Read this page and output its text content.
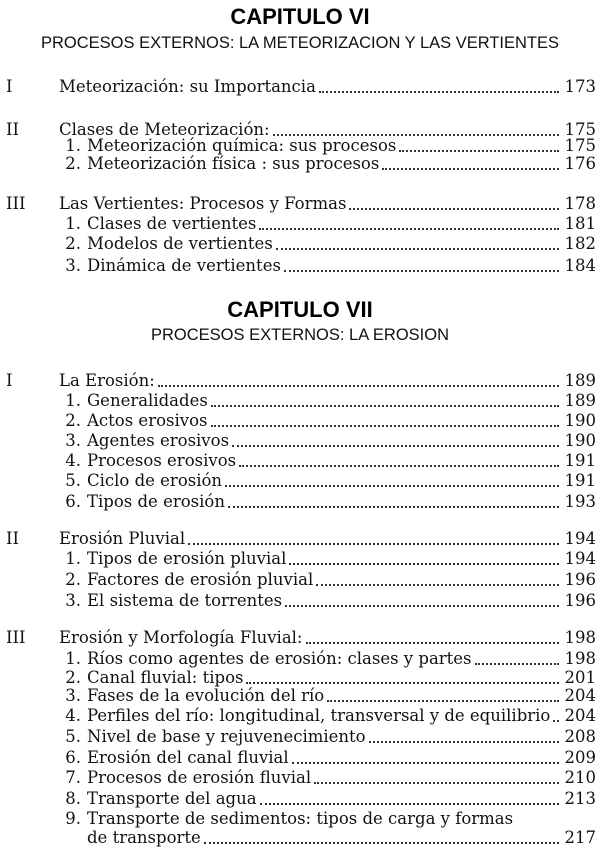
CAPITULO VI
PROCESOS EXTERNOS: LA METEORIZACION Y LAS VERTIENTES
I	Meteorización: su Importancia	173
II Clases de Meteorización:	175
1. Meteorización química: sus procesos	175
2. Meteorización física : sus procesos	176
III Las Vertientes: Procesos y Formas	178
1. Clases de vertientes	181
2. Modelos de vertientes	182
3. Dinámica de vertientes	184
CAPITULO VII
PROCESOS EXTERNOS: LA EROSION
I	La Erosión:	189
1. Generalidades	189
2. Actos erosivos	190
3. Agentes erosivos	190
4. Procesos erosivos	191
5. Ciclo de erosión	191
6. Tipos de erosión	193
II Erosión Pluvial	194
1. Tipos de erosión pluvial	194
2. Factores de erosión pluvial	196
3. El sistema de torrentes	196
III Erosión y Morfología Fluvial:	198
1. Ríos como agentes de erosión: clases y partes	198
2. Canal fluvial: tipos	201
3. Fases de la evolución del río	204
4. Perfiles del río: longitudinal, transversal y de equilibrio 204
5. Nivel de base y rejuvenecimiento	208
6. Erosión del canal fluvial	209
7. Procesos de erosión fluvial	210
8. Transporte del agua	213
9. Transporte de sedimentos: tipos de carga y formas
de transporte	217
